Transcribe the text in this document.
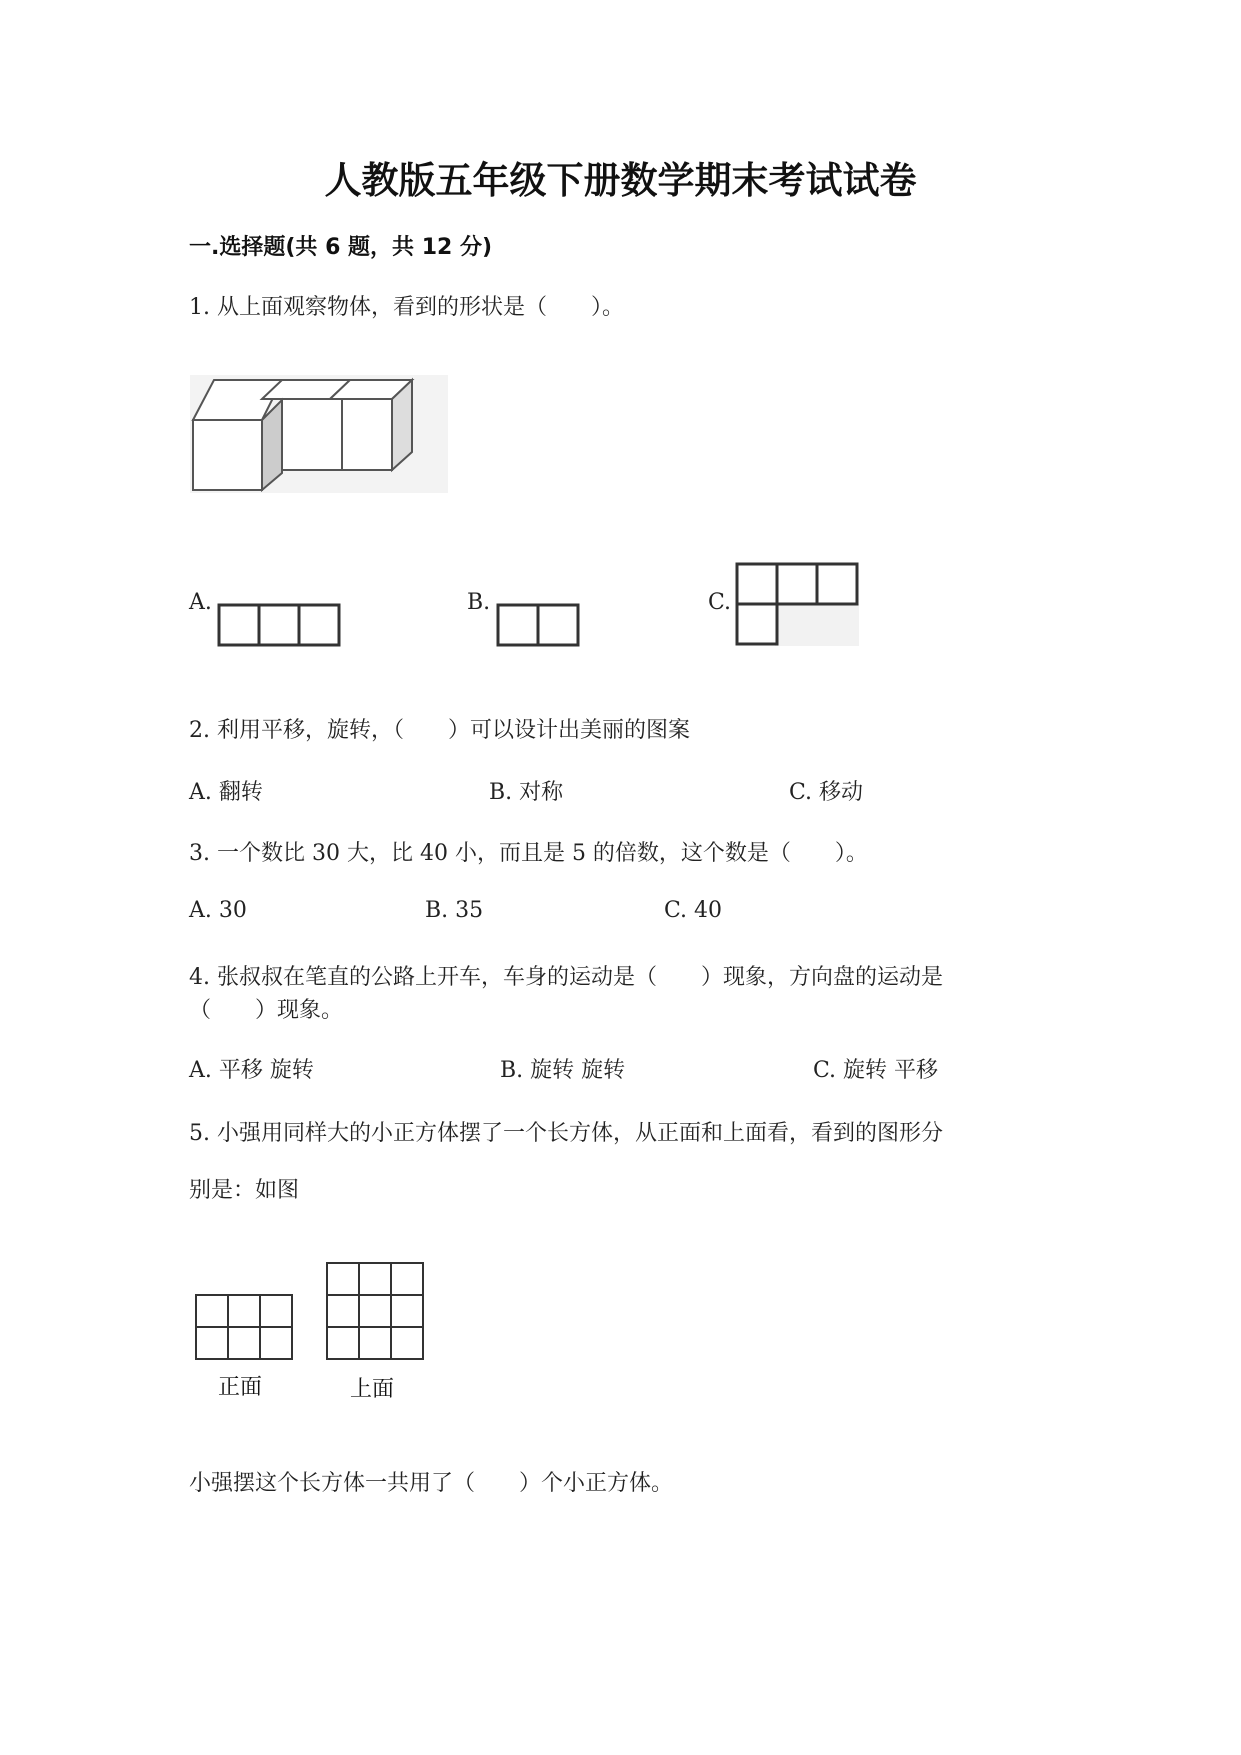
人教版五年级下册数学期末考试试卷
一.选择题(共 6 题，共 12 分)
1. 从上面观察物体，看到的形状是（　　）。
A.	B.	C.
2. 利用平移，旋转，（　　）可以设计出美丽的图案
A. 翻转	B. 对称	C. 移动
3. 一个数比 30 大，比 40 小，而且是 5 的倍数，这个数是（　　）。
A. 30	B. 35	C. 40
4. 张叔叔在笔直的公路上开车，车身的运动是（　　）现象，方向盘的运动是
（　　）现象。
A. 平移 旋转	B. 旋转 旋转	C. 旋转 平移
5. 小强用同样大的小正方体摆了一个长方体，从正面和上面看，看到的图形分
别是：如图
正面	上面
小强摆这个长方体一共用了（　　）个小正方体。
